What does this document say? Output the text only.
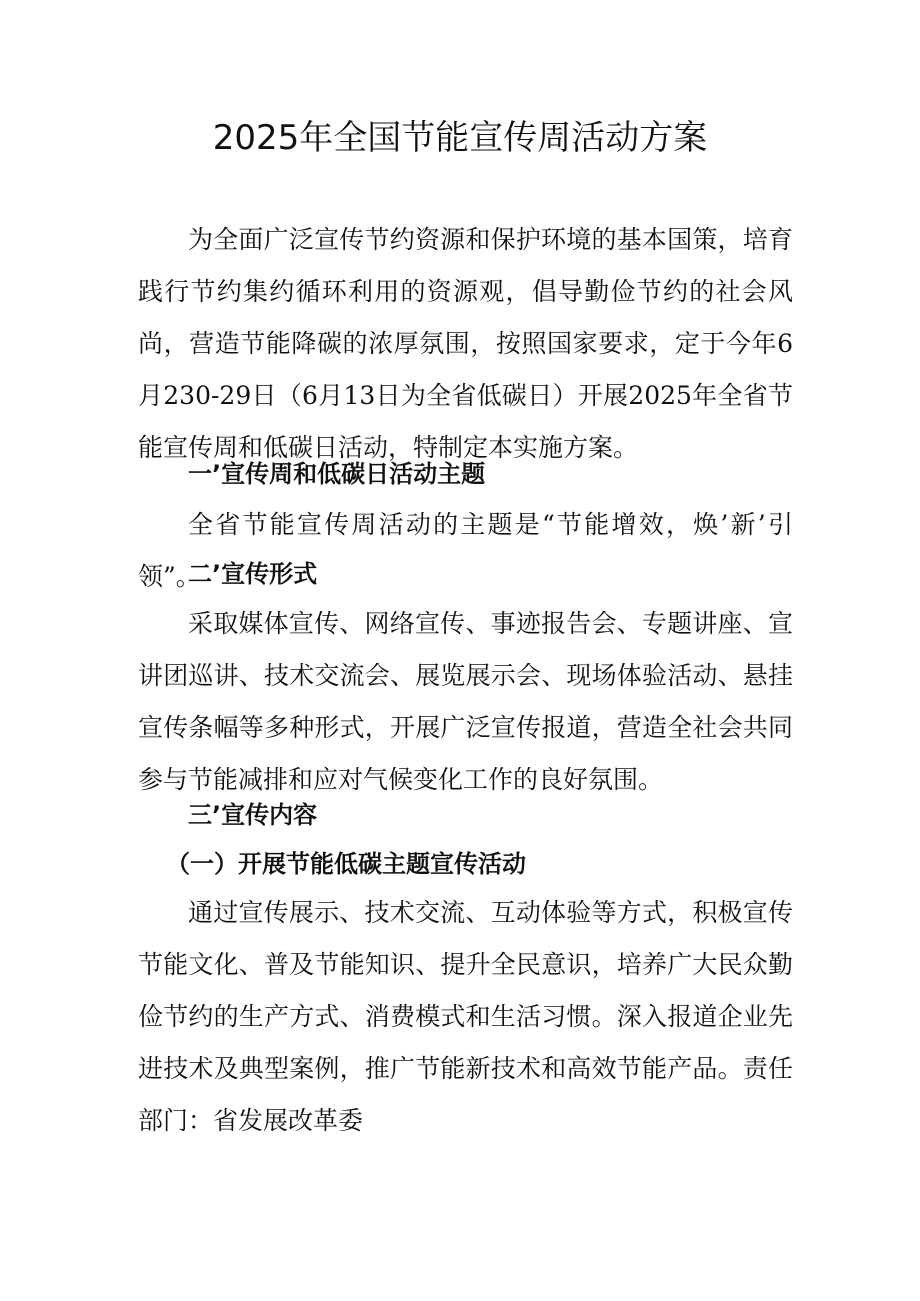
2025年全国节能宣传周活动方案

为全面广泛宣传节约资源和保护环境的基本国策，培育践行节约集约循环利用的资源观，倡导勤俭节约的社会风尚，营造节能降碳的浓厚氛围，按照国家要求，定于今年6月230-29日（6月13日为全省低碳日）开展2025年全省节能宣传周和低碳日活动，特制定本实施方案。

一’宣传周和低碳日活动主题

全省节能宣传周活动的主题是“节能增效，焕’新’引领”。

二’宣传形式

采取媒体宣传、网络宣传、事迹报告会、专题讲座、宣讲团巡讲、技术交流会、展览展示会、现场体验活动、悬挂宣传条幅等多种形式，开展广泛宣传报道，营造全社会共同参与节能减排和应对气候变化工作的良好氛围。

三’宣传内容

（一）开展节能低碳主题宣传活动

通过宣传展示、技术交流、互动体验等方式，积极宣传节能文化、普及节能知识、提升全民意识，培养广大民众勤俭节约的生产方式、消费模式和生活习惯。深入报道企业先进技术及典型案例，推广节能新技术和高效节能产品。责任部门：省发展改革委
